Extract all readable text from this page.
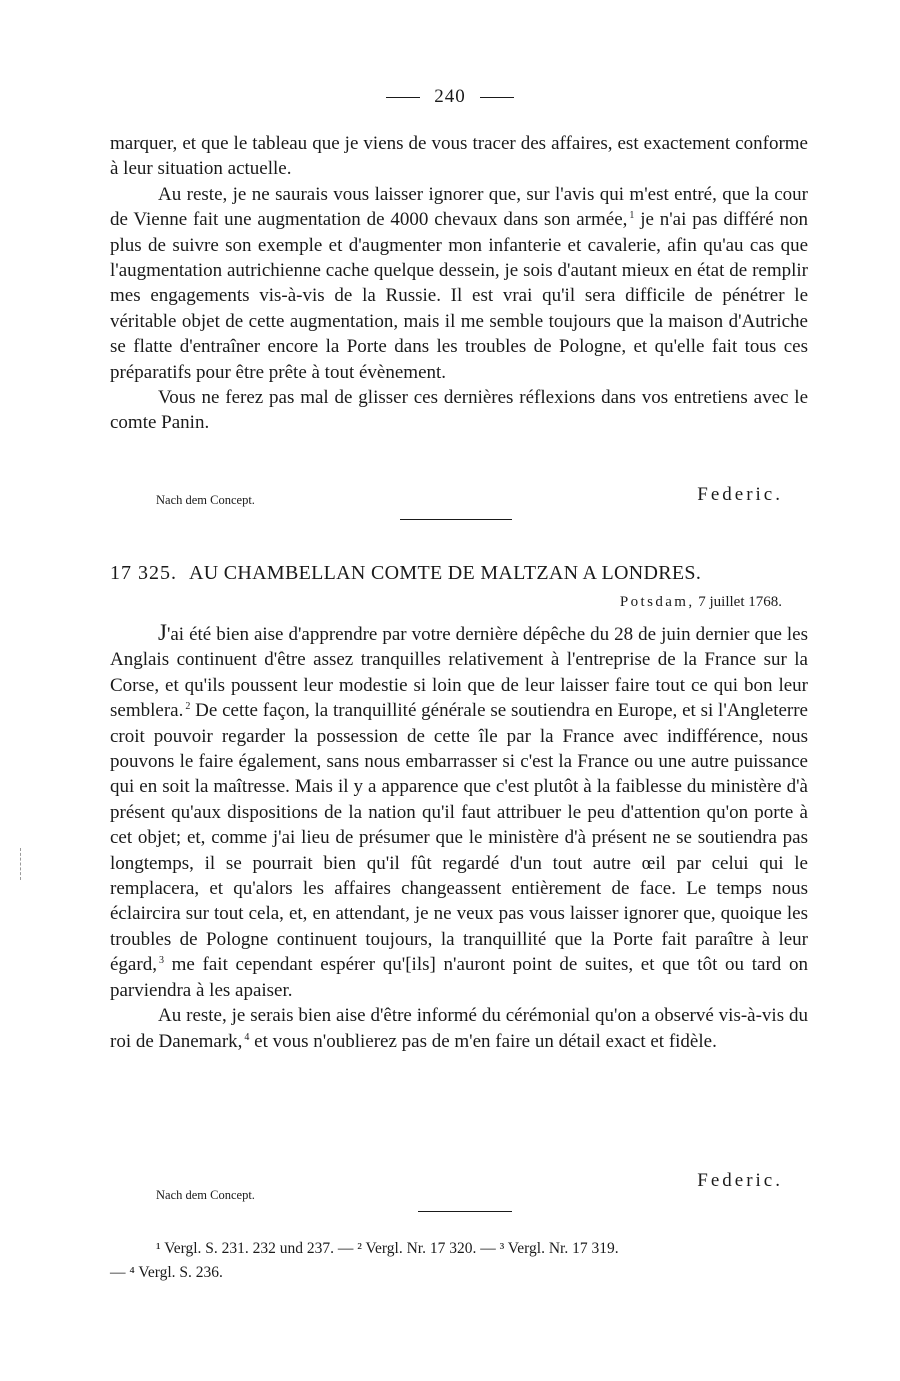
240

marquer, et que le tableau que je viens de vous tracer des affaires, est exactement conforme à leur situation actuelle.

Au reste, je ne saurais vous laisser ignorer que, sur l'avis qui m'est entré, que la cour de Vienne fait une augmentation de 4000 chevaux dans son armée, $^1$ je n'ai pas différé non plus de suivre son exemple et d'augmenter mon infanterie et cavalerie, afin qu'au cas que l'augmentation autrichienne cache quelque dessein, je sois d'autant mieux en état de remplir mes engagements vis-à-vis de la Russie. Il est vrai qu'il sera difficile de pénétrer le véritable objet de cette augmentation, mais il me semble toujours que la maison d'Autriche se flatte d'entraîner encore la Porte dans les troubles de Pologne, et qu'elle fait tous ces préparatifs pour être prête à tout évènement.

Vous ne ferez pas mal de glisser ces dernières réflexions dans vos entretiens avec le comte Panin.

Nach dem Concept.	Federic.
17 325. AU CHAMBELLAN COMTE DE MALTZAN A LONDRES.
Potsdam, 7 juillet 1768.

J'ai été bien aise d'apprendre par votre dernière dépêche du 28 de juin dernier que les Anglais continuent d'être assez tranquilles relativement à l'entreprise de la France sur la Corse, et qu'ils poussent leur modestie si loin que de leur laisser faire tout ce qui bon leur semblera. $^2$ De cette façon, la tranquillité générale se soutiendra en Europe, et si l'Angleterre croit pouvoir regarder la possession de cette île par la France avec indifférence, nous pouvons le faire également, sans nous embarrasser si c'est la France ou une autre puissance qui en soit la maîtresse. Mais il y a apparence que c'est plutôt à la faiblesse du ministère d'à présent qu'aux dispositions de la nation qu'il faut attribuer le peu d'attention qu'on porte à cet objet; et, comme j'ai lieu de présumer que le ministère d'à présent ne se soutiendra pas longtemps, il se pourrait bien qu'il fût regardé d'un tout autre œil par celui qui le remplacera, et qu'alors les affaires changeassent entièrement de face. Le temps nous éclaircira sur tout cela, et, en attendant, je ne veux pas vous laisser ignorer que, quoique les troubles de Pologne continuent toujours, la tranquillité que la Porte fait paraître à leur égard, $^3$ me fait cependant espérer qu'[ils] n'auront point de suites, et que tôt ou tard on parviendra à les apaiser.

Au reste, je serais bien aise d'être informé du cérémonial qu'on a observé vis-à-vis du roi de Danemark, $^4$ et vous n'oublierez pas de m'en faire un détail exact et fidèle.

Nach dem Concept.
Federic.
¹ Vergl. S. 231. 232 und 237. — ² Vergl. Nr. 17 320. — ³ Vergl. Nr. 17 319.
— ⁴ Vergl. S. 236.
